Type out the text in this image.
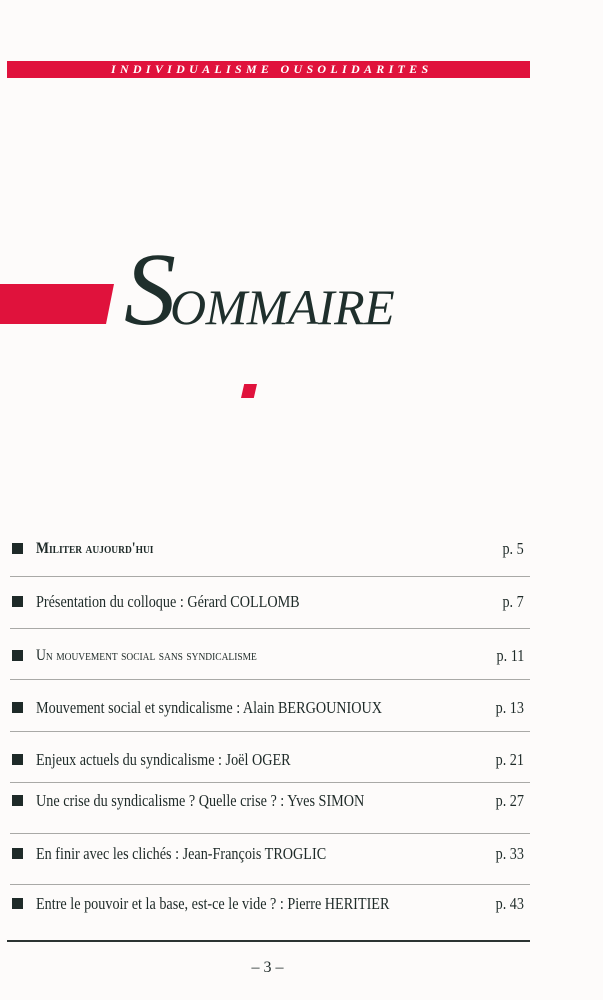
INDIVIDUALISME OUSOLIDARITES
SOMMAIRE
Militer aujourd'hui	p. 5
Présentation du colloque : Gérard COLLOMB	p. 7
Un mouvement social sans syndicalisme	p. 11
Mouvement social et syndicalisme : Alain BERGOUNIOUX	p. 13
Enjeux actuels du syndicalisme : Joël OGER	p. 21
Une crise du syndicalisme ? Quelle crise ? : Yves SIMON	p. 27
En finir avec les clichés : Jean-François TROGLIC	p. 33
Entre le pouvoir et la base, est-ce le vide ? : Pierre HERITIER	p. 43
– 3 –
